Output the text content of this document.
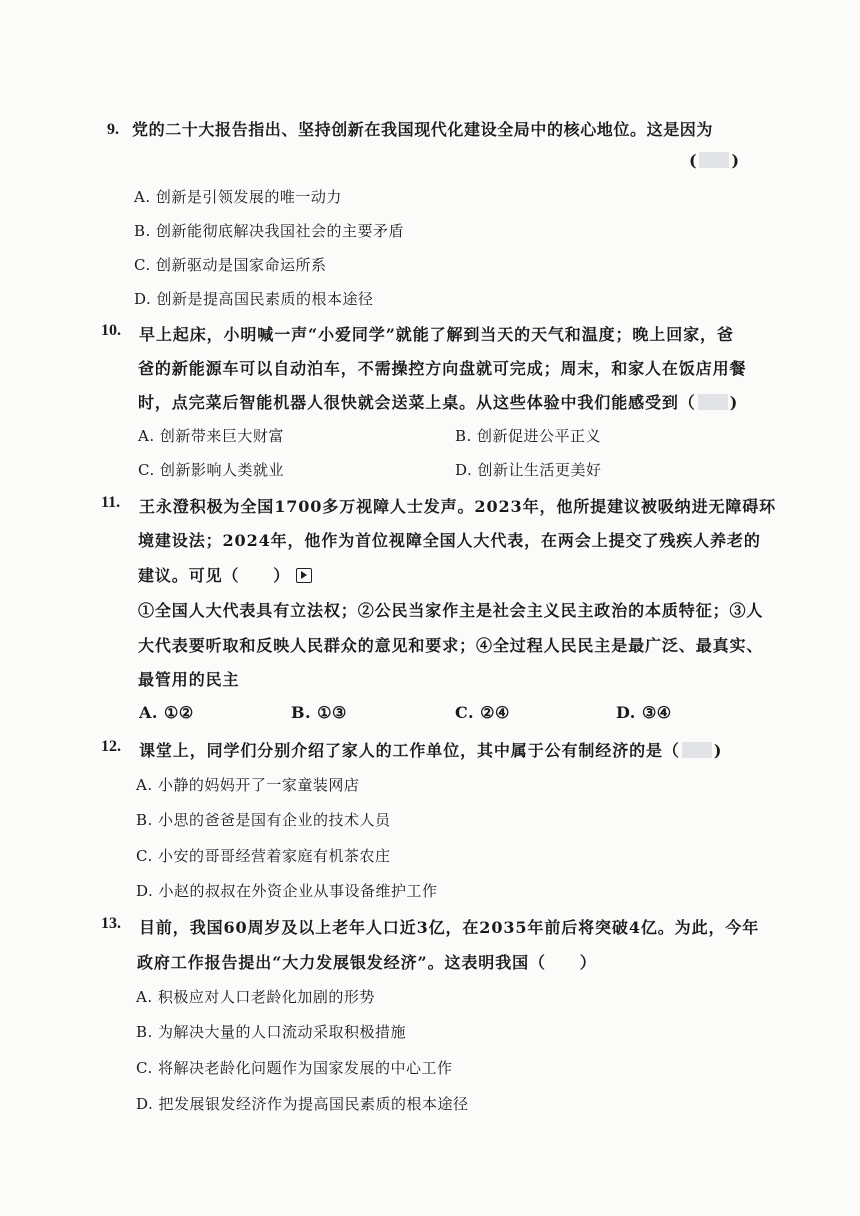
9. 党的二十大报告指出、坚持创新在我国现代化建设全局中的核心地位。这是因为
( )
A. 创新是引领发展的唯一动力
B. 创新能彻底解决我国社会的主要矛盾
C. 创新驱动是国家命运所系
D. 创新是提高国民素质的根本途径
10. 早上起床，小明喊一声“小爱同学”就能了解到当天的天气和温度；晚上回家，爸
爸的新能源车可以自动泊车，不需操控方向盘就可完成；周末，和家人在饭店用餐
时，点完菜后智能机器人很快就会送菜上桌。从这些体验中我们能感受到（ )
A. 创新带来巨大财富	B. 创新促进公平正义
C. 创新影响人类就业	D. 创新让生活更美好
11. 王永澄积极为全国1700多万视障人士发声。2023年，他所提建议被吸纳进无障碍环
境建设法；2024年，他作为首位视障全国人大代表，在两会上提交了残疾人养老的
建议。可见（　　）
①全国人大代表具有立法权；②公民当家作主是社会主义民主政治的本质特征；③人
大代表要听取和反映人民群众的意见和要求；④全过程人民民主是最广泛、最真实、
最管用的民主
A. ①②	B. ①③	C. ②④	D. ③④
12. 课堂上，同学们分别介绍了家人的工作单位，其中属于公有制经济的是（ )
A. 小静的妈妈开了一家童装网店
B. 小思的爸爸是国有企业的技术人员
C. 小安的哥哥经营着家庭有机茶农庄
D. 小赵的叔叔在外资企业从事设备维护工作
13. 目前，我国60周岁及以上老年人口近3亿，在2035年前后将突破4亿。为此，今年
政府工作报告提出“大力发展银发经济”。这表明我国（　　）
A. 积极应对人口老龄化加剧的形势
B. 为解决大量的人口流动采取积极措施
C. 将解决老龄化问题作为国家发展的中心工作
D. 把发展银发经济作为提高国民素质的根本途径
